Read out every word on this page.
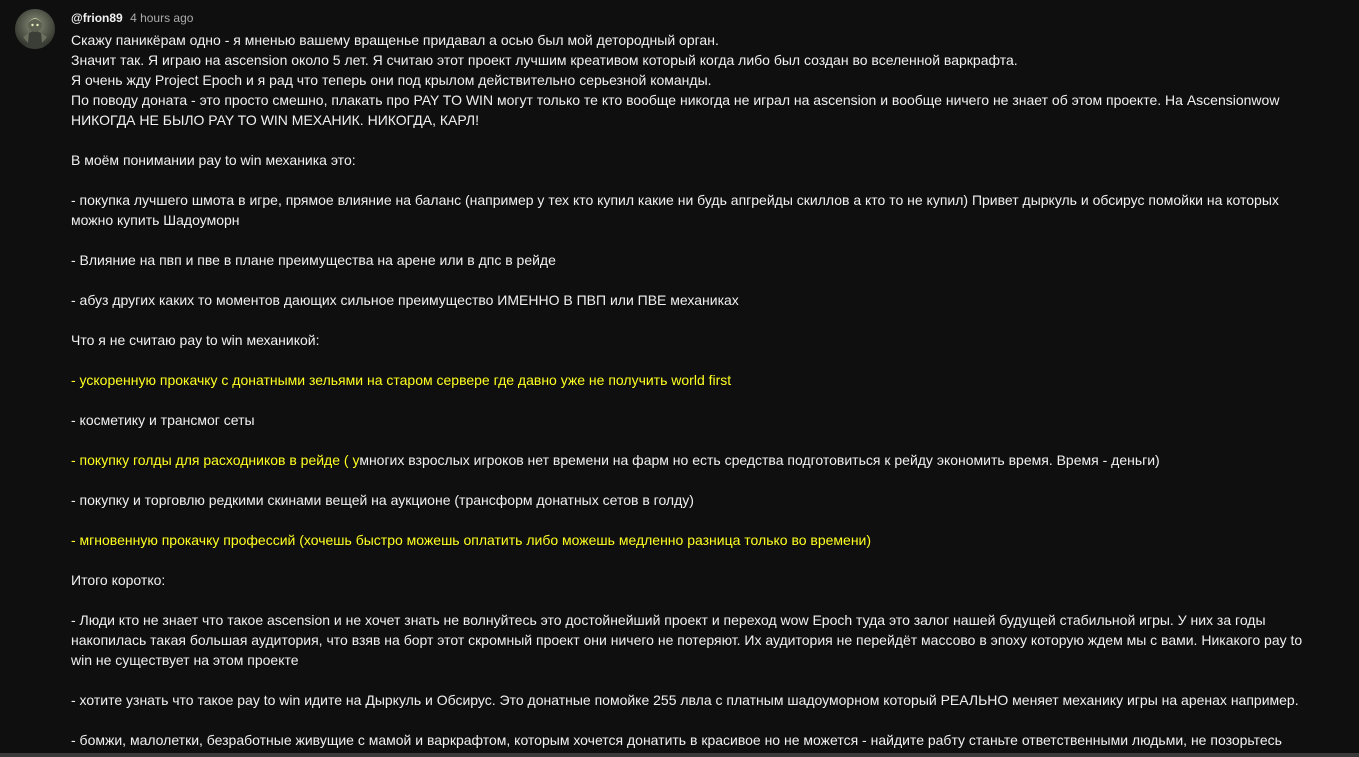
@frion89 4 hours ago
Скажу паникёрам одно - я мненью вашему вращенье придавал а осью был мой детородный орган.
Значит так. Я играю на ascension около 5 лет. Я считаю этот проект лучшим креативом который когда либо был создан во вселенной варкрафта.
Я очень жду Project Epoch и я рад что теперь они под крылом действительно серьезной команды.
По поводу доната - это просто смешно, плакать про PAY TO WIN могут только те кто вообще никогда не играл на ascension и вообще ничего не знает об этом проекте. На Ascensionwow
НИКОГДА НЕ БЫЛО PAY TO WIN МЕХАНИК. НИКОГДА, КАРЛ!
В моём понимании pay to win механика это:
- покупка лучшего шмота в игре, прямое влияние на баланс (например у тех кто купил какие ни будь апгрейды скиллов а кто то не купил) Привет дыркуль и обсирус помойки на которых
можно купить Шадоуморн
- Влияние на пвп и пве в плане преимущества на арене или в дпс в рейде
- абуз других каких то моментов дающих сильное преимущество ИМЕННО В ПВП или ПВЕ механиках
Что я не считаю pay to win механикой:
- ускоренную прокачку с донатными зельями на старом сервере где давно уже не получить world first
- косметику и трансмог сеты
- покупку голды для расходников в рейде ( умногих взрослых игроков нет времени на фарм но есть средства подготовиться к рейду экономить время. Время - деньги)
- покупку и торговлю редкими скинами вещей на аукционе (трансформ донатных сетов в голду)
- мгновенную прокачку профессий (хочешь быстро можешь оплатить либо можешь медленно разница только во времени)
Итого коротко:
- Люди кто не знает что такое ascension и не хочет знать не волнуйтесь это достойнейший проект и переход wow Epoch туда это залог нашей будущей стабильной игры. У них за годы
накопилась такая большая аудитория, что взяв на борт этот скромный проект они ничего не потеряют. Их аудитория не перейдёт массово в эпоху которую ждем мы с вами. Никакого pay to
win не существует на этом проекте
- хотите узнать что такое pay to win идите на Дыркуль и Обсирус. Это донатные помойке 255 лвла с платным шадоуморном который РЕАЛЬНО меняет механику игры на аренах например.
- бомжи, малолетки, безработные живущие с мамой и варкрафтом, которым хочется донатить в красивое но не можется - найдите рабту станьте ответственными людьми, не позорьтесь
